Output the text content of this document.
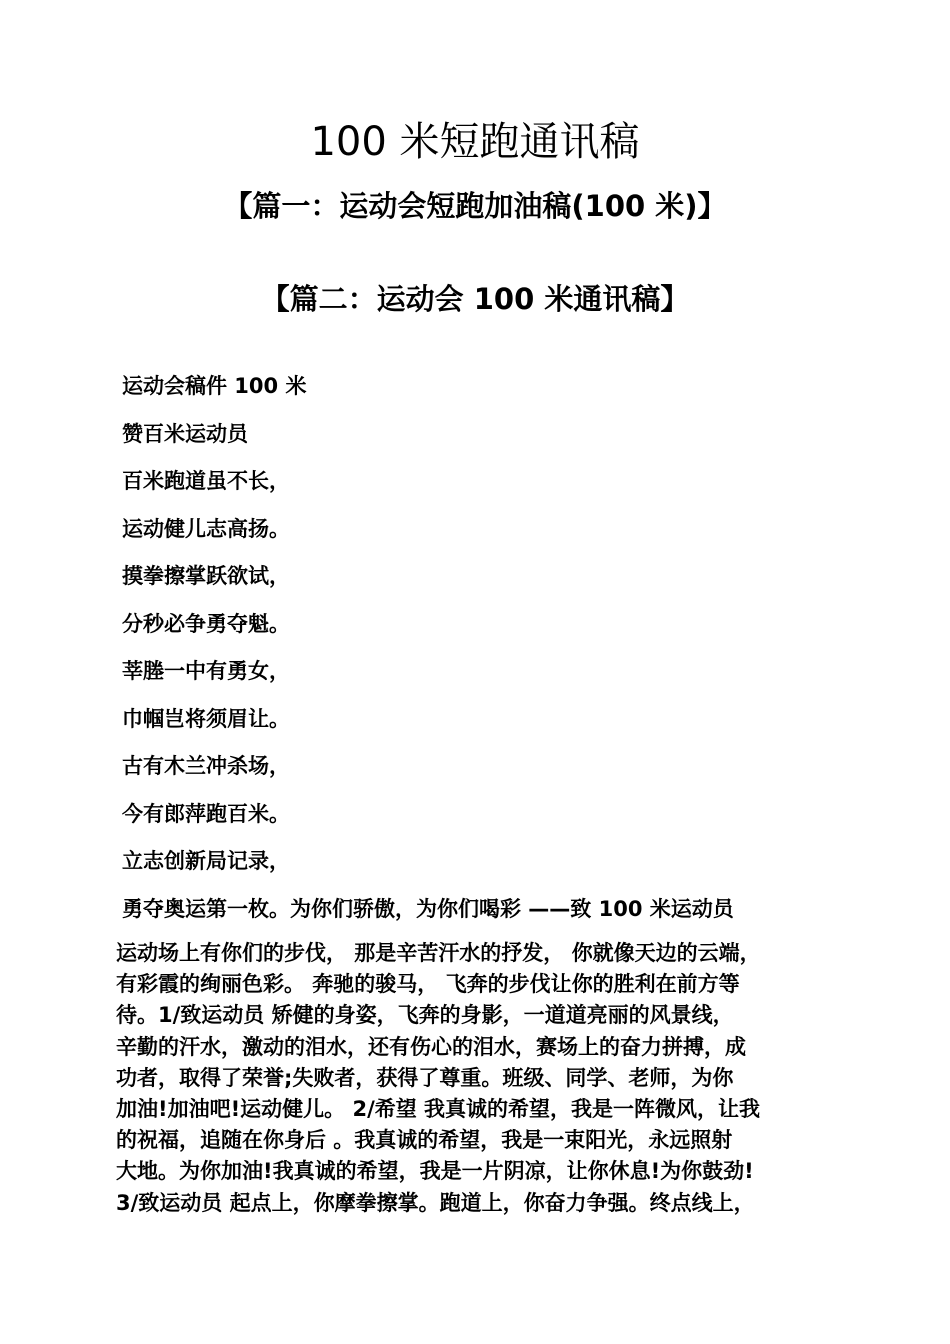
100 米短跑通讯稿
【篇一：运动会短跑加油稿(100 米)】
【篇二：运动会 100 米通讯稿】
运动会稿件 100 米
赞百米运动员
百米跑道虽不长，
运动健儿志高扬。
摸拳擦掌跃欲试，
分秒必争勇夺魁。
莘塍一中有勇女，
巾帼岂将须眉让。
古有木兰冲杀场，
今有郎萍跑百米。
立志创新局记录，
勇夺奥运第一枚。为你们骄傲，为你们喝彩 ——致 100 米运动员

运动场上有你们的步伐， 那是辛苦汗水的抒发， 你就像天边的云端，
有彩霞的绚丽色彩。 奔驰的骏马， 飞奔的步伐让你的胜利在前方等
待。1/致运动员 矫健的身姿，飞奔的身影，一道道亮丽的风景线，
辛勤的汗水，激动的泪水，还有伤心的泪水，赛场上的奋力拼搏，成
功者，取得了荣誉;失败者，获得了尊重。班级、同学、老师，为你
加油!加油吧!运动健儿。 2/希望 我真诚的希望，我是一阵微风，让我
的祝福，追随在你身后 。我真诚的希望，我是一束阳光，永远照射
大地。为你加油!我真诚的希望，我是一片阴凉，让你休息!为你鼓劲!
3/致运动员 起点上，你摩拳擦掌。跑道上，你奋力争强。终点线上，
